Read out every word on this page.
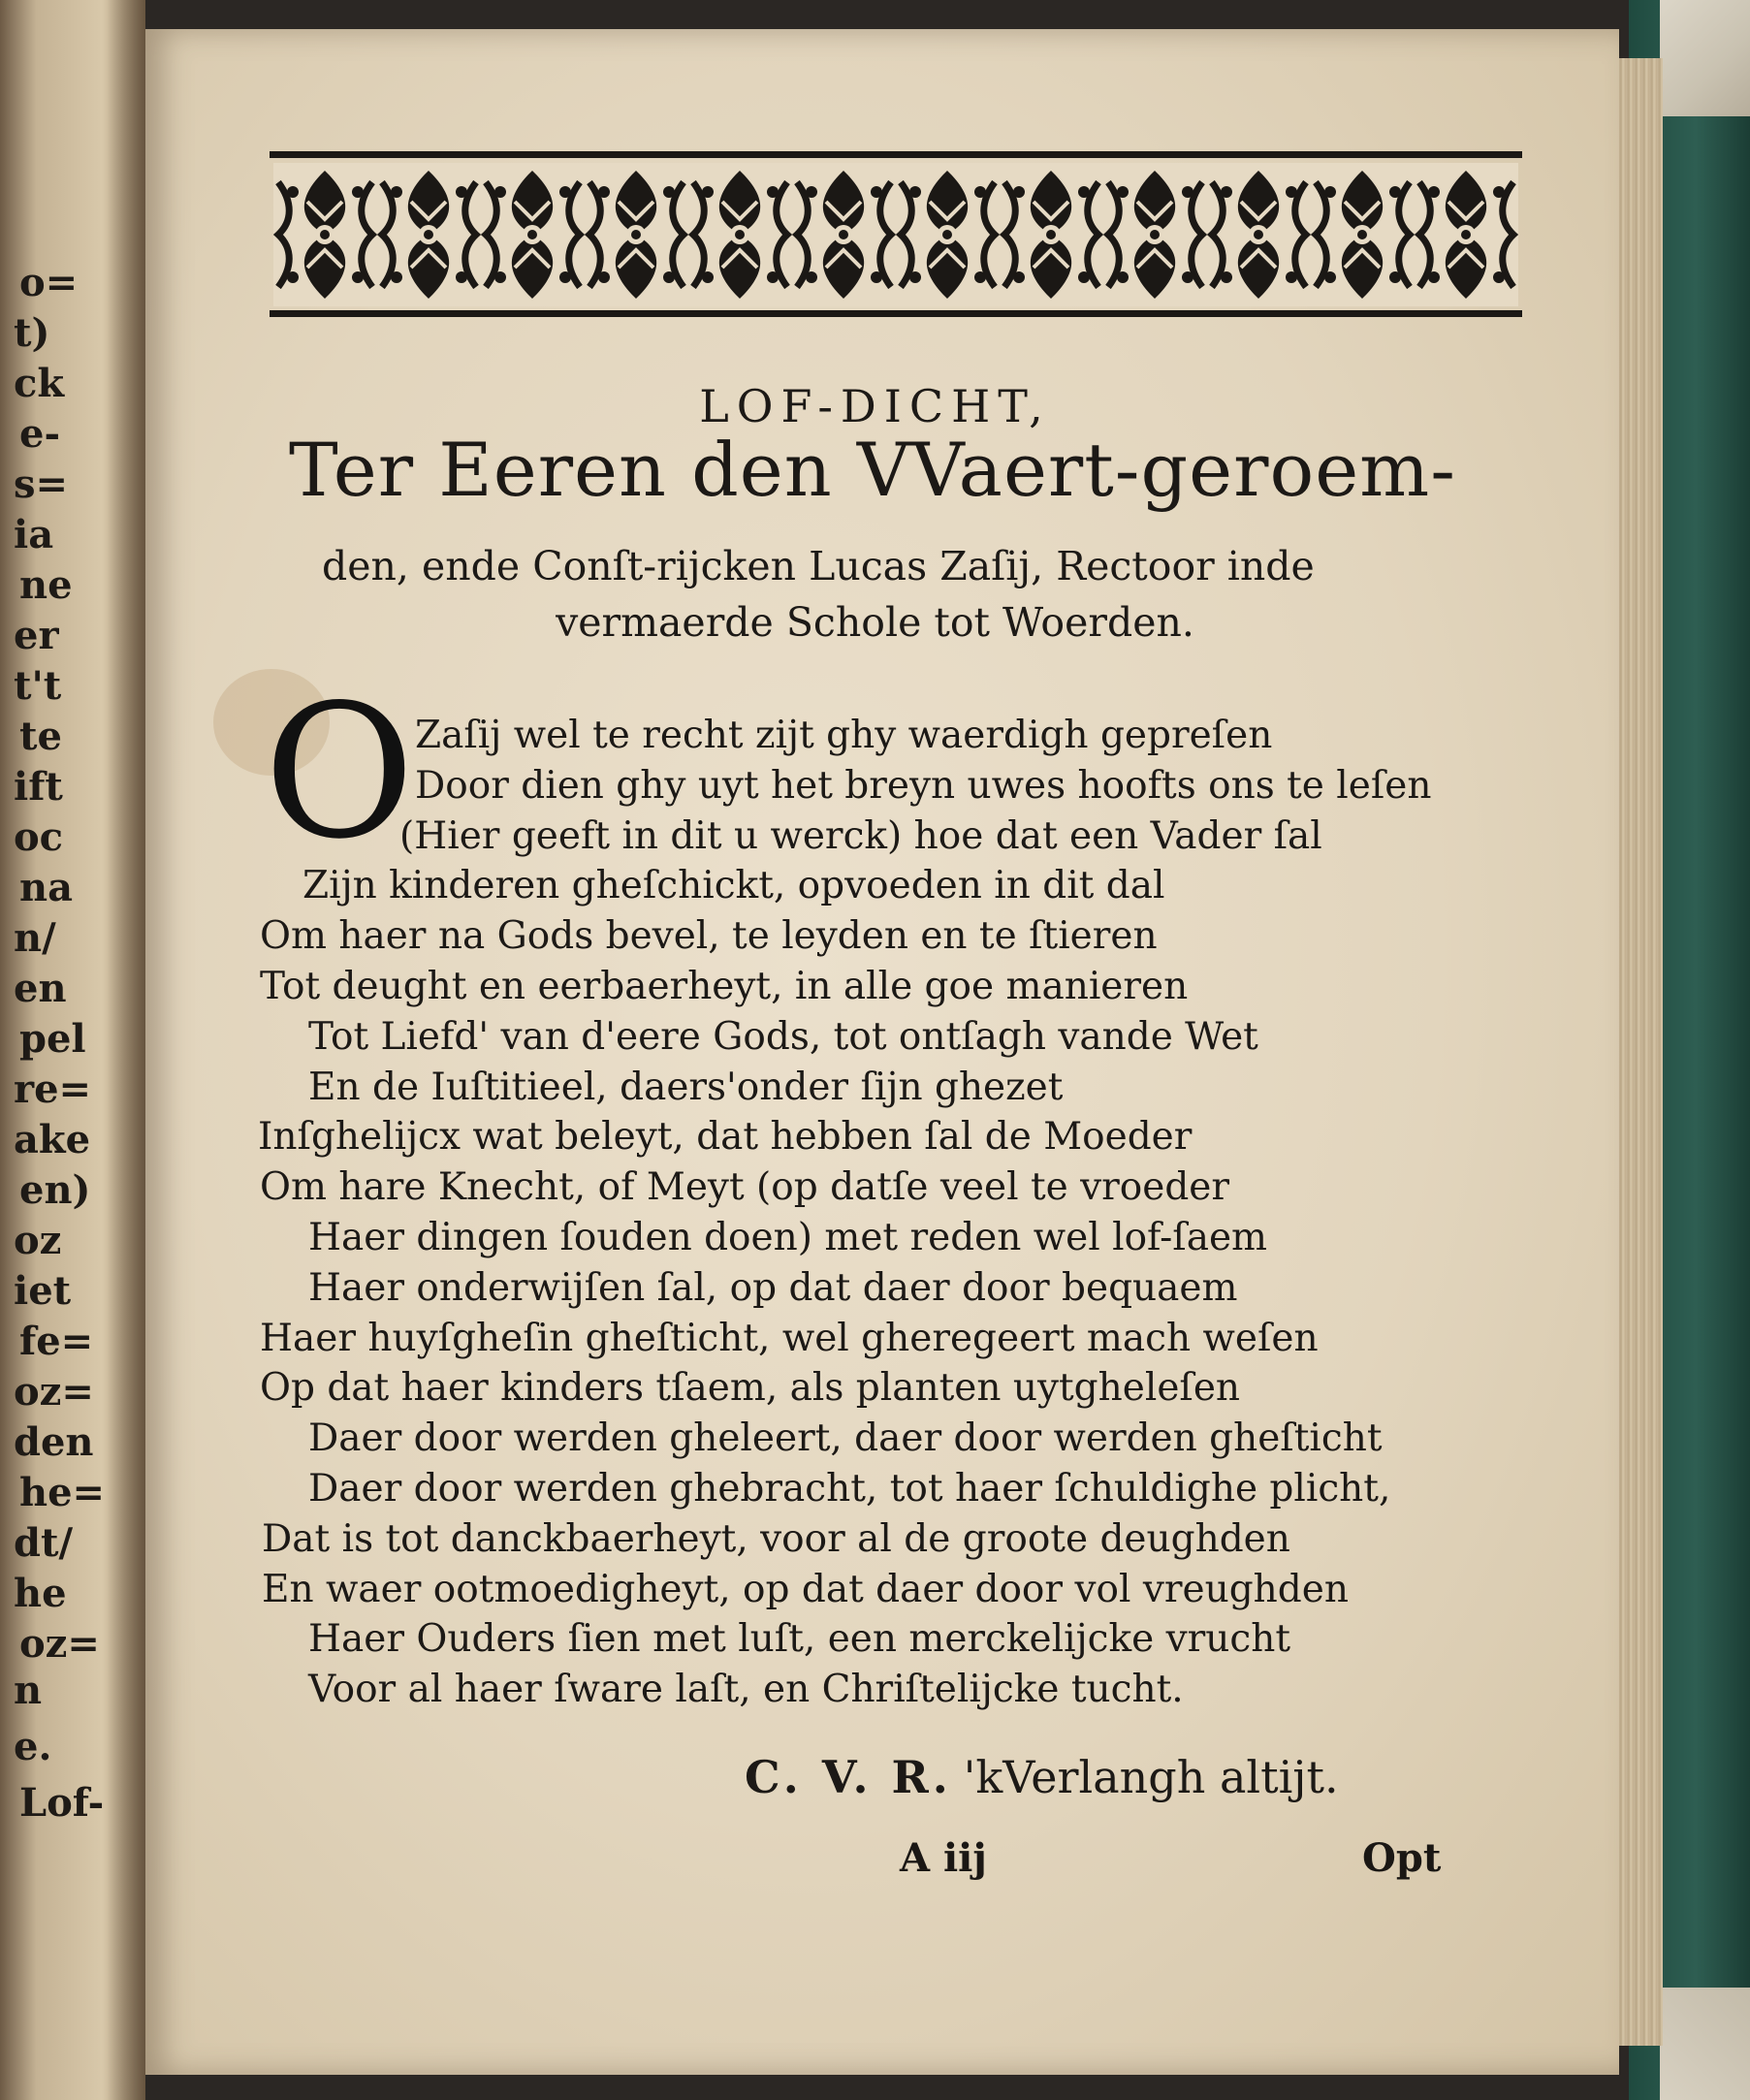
o=
t)
ck
e-
s=
ia
ne
er
t't
te
ift
oc
na
n/
en
pel
re=
ake
en)
oz
iet
fe=
oz=
den
he=
dt/
he
oz=
n
e.
Lof-
LOF-DICHT,
Ter Eeren den VVaert-geroem-
den, ende Conſt-rijcken Lucas Zaſij, Rectoor inde
vermaerde Schole tot Woerden.
O Zaſij wel te recht zijt ghy waerdigh gepreſen
Door dien ghy uyt het breyn uwes hoofts ons te leſen
(Hier geeft in dit u werck) hoe dat een Vader ſal
Zijn kinderen gheſchickt, opvoeden in dit dal
Om haer na Gods bevel, te leyden en te ſtieren
Tot deught en eerbaerheyt, in alle goe manieren
Tot Liefd' van d'eere Gods, tot ontſagh vande Wet
En de Iuſtitieel, daers'onder ſijn ghezet
Inſghelijcx wat beleyt, dat hebben ſal de Moeder
Om hare Knecht, of Meyt (op datſe veel te vroeder
Haer dingen ſouden doen) met reden wel lof-ſaem
Haer onderwijſen ſal, op dat daer door bequaem
Haer huyſgheſin gheſticht, wel gheregeert mach weſen
Op dat haer kinders tſaem, als planten uytgheleſen
Daer door werden gheleert, daer door werden gheſticht
Daer door werden ghebracht, tot haer ſchuldighe plicht,
Dat is tot danckbaerheyt, voor al de groote deughden
En waer ootmoedigheyt, op dat daer door vol vreughden
Haer Ouders ſien met luſt, een merckelijcke vrucht
Voor al haer ſware laſt, en Chriſtelijcke tucht.
C. V. R. 'kVerlangh altijt.
A iij	Opt
